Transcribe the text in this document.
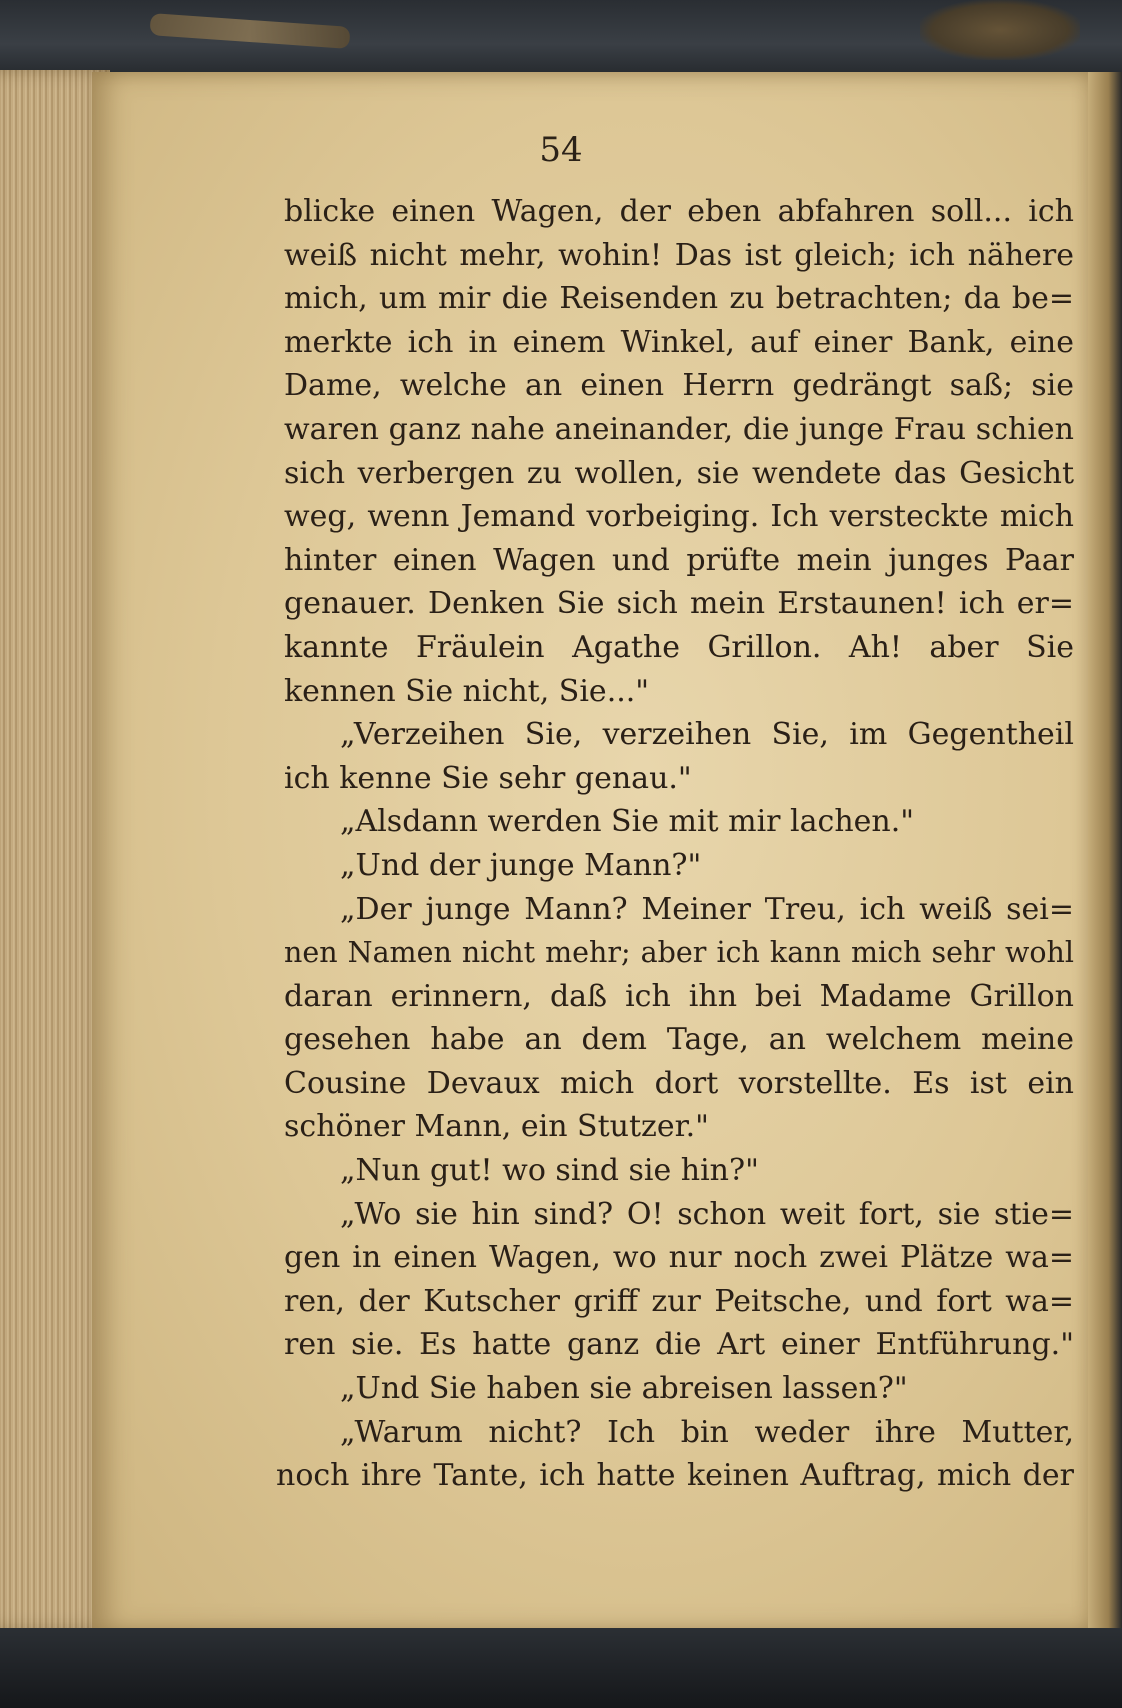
54
blicke einen Wagen, der eben abfahren soll... ich
weiß nicht mehr, wohin! Das ist gleich; ich nähere
mich, um mir die Reisenden zu betrachten; da be=
merkte ich in einem Winkel, auf einer Bank, eine
Dame, welche an einen Herrn gedrängt saß; sie
waren ganz nahe aneinander, die junge Frau schien
sich verbergen zu wollen, sie wendete das Gesicht
weg, wenn Jemand vorbeiging. Ich versteckte mich
hinter einen Wagen und prüfte mein junges Paar
genauer. Denken Sie sich mein Erstaunen! ich er=
kannte Fräulein Agathe Grillon. Ah! aber Sie
kennen Sie nicht, Sie..."
„Verzeihen Sie, verzeihen Sie, im Gegentheil
ich kenne Sie sehr genau."
„Alsdann werden Sie mit mir lachen."
„Und der junge Mann?"
„Der junge Mann? Meiner Treu, ich weiß sei=
nen Namen nicht mehr; aber ich kann mich sehr wohl
daran erinnern, daß ich ihn bei Madame Grillon
gesehen habe an dem Tage, an welchem meine
Cousine Devaux mich dort vorstellte. Es ist ein
schöner Mann, ein Stutzer."
„Nun gut! wo sind sie hin?"
„Wo sie hin sind? O! schon weit fort, sie stie=
gen in einen Wagen, wo nur noch zwei Plätze wa=
ren, der Kutscher griff zur Peitsche, und fort wa=
ren sie. Es hatte ganz die Art einer Entführung."
„Und Sie haben sie abreisen lassen?"
„Warum nicht? Ich bin weder ihre Mutter,
noch ihre Tante, ich hatte keinen Auftrag, mich der
